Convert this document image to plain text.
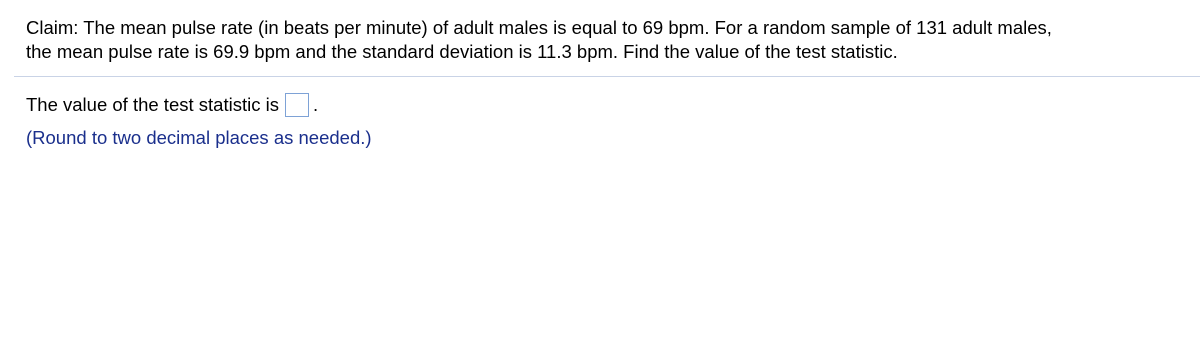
Claim: The mean pulse rate (in beats per minute) of adult males is equal to 69 bpm. For a random sample of 131 adult males,
the mean pulse rate is 69.9 bpm and the standard deviation is 11.3 bpm. Find the value of the test statistic.
The value of the test statistic is .
(Round to two decimal places as needed.)
